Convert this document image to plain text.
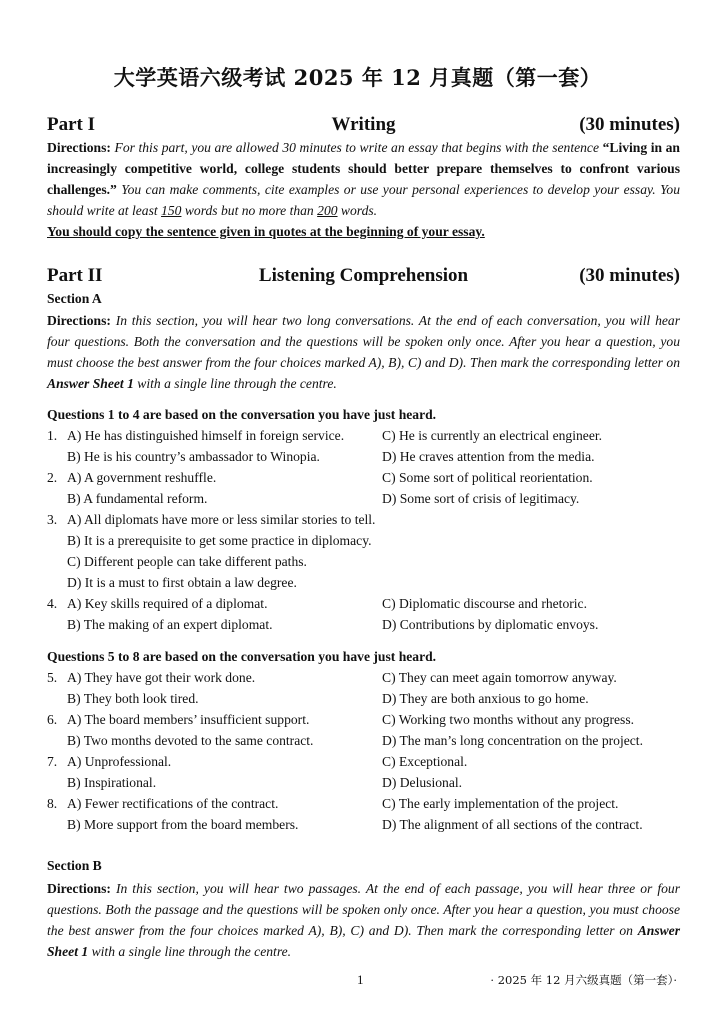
大学英语六级考试 2025 年 12 月真题（第一套）
Part I	Writing	(30 minutes)
Directions: For this part, you are allowed 30 minutes to write an essay that begins with the sentence “Living in an increasingly competitive world, college students should better prepare themselves to confront various challenges.” You can make comments, cite examples or use your personal experiences to develop your essay. You should write at least 150 words but no more than 200 words.
You should copy the sentence given in quotes at the beginning of your essay.
Part II	Listening Comprehension	(30 minutes)
Section A
Directions: In this section, you will hear two long conversations. At the end of each conversation, you will hear four questions. Both the conversation and the questions will be spoken only once. After you hear a question, you must choose the best answer from the four choices marked A), B), C) and D). Then mark the corresponding letter on Answer Sheet 1 with a single line through the centre.
Questions 1 to 4 are based on the conversation you have just heard.
1. A) He has distinguished himself in foreign service.	C) He is currently an electrical engineer.
B) He is his country’s ambassador to Winopia.	D) He craves attention from the media.
2. A) A government reshuffle.	C) Some sort of political reorientation.
B) A fundamental reform.	D) Some sort of crisis of legitimacy.
3. A) All diplomats have more or less similar stories to tell.
B) It is a prerequisite to get some practice in diplomacy.
C) Different people can take different paths.
D) It is a must to first obtain a law degree.
4. A) Key skills required of a diplomat.	C) Diplomatic discourse and rhetoric.
B) The making of an expert diplomat.	D) Contributions by diplomatic envoys.
Questions 5 to 8 are based on the conversation you have just heard.
5. A) They have got their work done.	C) They can meet again tomorrow anyway.
B) They both look tired.	D) They are both anxious to go home.
6. A) The board members’ insufficient support.	C) Working two months without any progress.
B) Two months devoted to the same contract.	D) The man’s long concentration on the project.
7. A) Unprofessional.	C) Exceptional.
B) Inspirational.	D) Delusional.
8. A) Fewer rectifications of the contract.	C) The early implementation of the project.
B) More support from the board members.	D) The alignment of all sections of the contract.
Section B
Directions: In this section, you will hear two passages. At the end of each passage, you will hear three or four questions. Both the passage and the questions will be spoken only once. After you hear a question, you must choose the best answer from the four choices marked A), B), C) and D). Then mark the corresponding letter on Answer Sheet 1 with a single line through the centre.
1	· 2025 年 12 月六级真题（第一套）·
